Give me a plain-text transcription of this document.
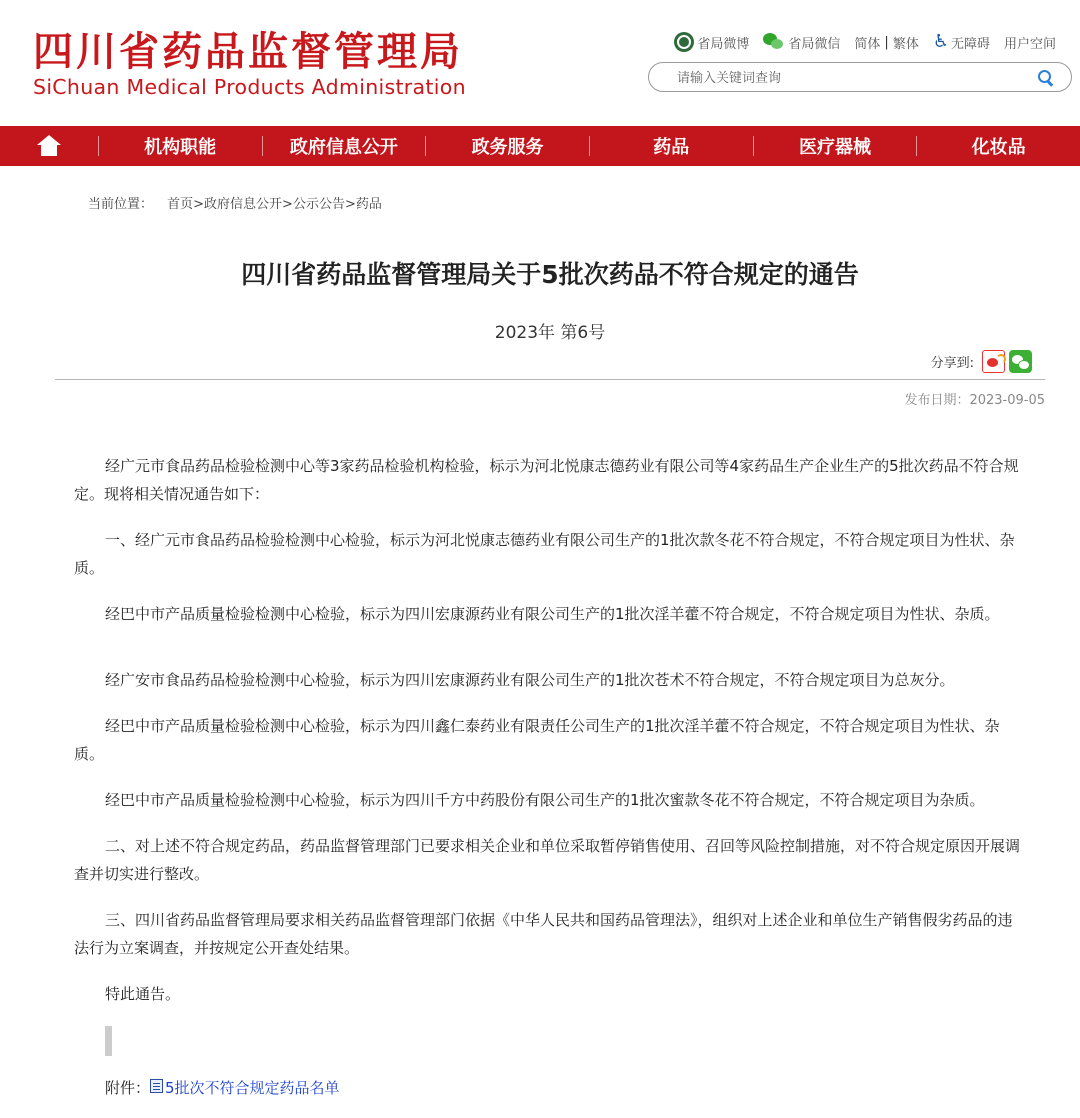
四川省药品监督管理局
SiChuan Medical Products Administration
省局微博	省局微信 简体 | 繁体 ♿ 无障碍 用户空间
请输入关键词查询
机构职能	政府信息公开	政务服务	药品	医疗器械	化妆品
当前位置： 首页>政府信息公开>公示公告>药品
四川省药品监督管理局关于5批次药品不符合规定的通告
2023年 第6号
分享到:
发布日期：2023-09-05

经广元市食品药品检验检测中心等3家药品检验机构检验，标示为河北悦康志德药业有限公司等4家药品生产企业生产的5批次药品不符合规定。现将相关情况通告如下：

一、经广元市食品药品检验检测中心检验，标示为河北悦康志德药业有限公司生产的1批次款冬花不符合规定，不符合规定项目为性状、杂质。

经巴中市产品质量检验检测中心检验，标示为四川宏康源药业有限公司生产的1批次淫羊藿不符合规定，不符合规定项目为性状、杂质。

经广安市食品药品检验检测中心检验，标示为四川宏康源药业有限公司生产的1批次苍术不符合规定，不符合规定项目为总灰分。

经巴中市产品质量检验检测中心检验，标示为四川鑫仁泰药业有限责任公司生产的1批次淫羊藿不符合规定，不符合规定项目为性状、杂质。

经巴中市产品质量检验检测中心检验，标示为四川千方中药股份有限公司生产的1批次蜜款冬花不符合规定，不符合规定项目为杂质。

二、对上述不符合规定药品，药品监督管理部门已要求相关企业和单位采取暂停销售使用、召回等风险控制措施，对不符合规定原因开展调查并切实进行整改。

三、四川省药品监督管理局要求相关药品监督管理部门依据《中华人民共和国药品管理法》，组织对上述企业和单位生产销售假劣药品的违法行为立案调查，并按规定公开查处结果。

特此通告。

附件： 5批次不符合规定药品名单
